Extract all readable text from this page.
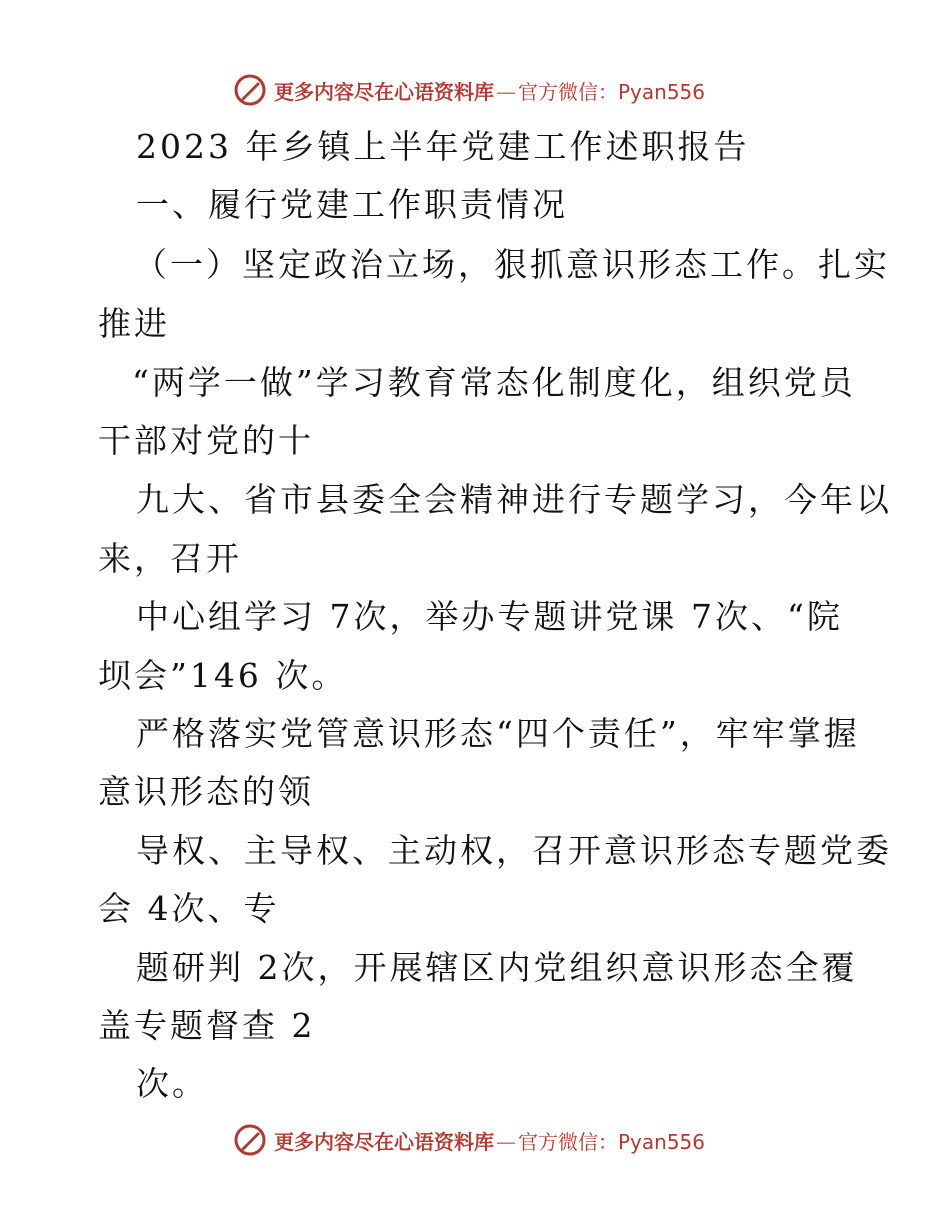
更多内容尽在心语资料库 — 官方微信：Pyan556
2023 年乡镇上半年党建工作述职报告
一、履行党建工作职责情况
（一）坚定政治立场，狠抓意识形态工作。扎实
推进
“两学一做”学习教育常态化制度化，组织党员
干部对党的十
九大、省市县委全会精神进行专题学习，今年以
来，召开
中心组学习 7次，举办专题讲党课 7次、“院
坝会”146 次。
严格落实党管意识形态“四个责任”，牢牢掌握
意识形态的领
导权、主导权、主动权，召开意识形态专题党委
会 4次、专
题研判 2次，开展辖区内党组织意识形态全覆
盖专题督查 2
次。
更多内容尽在心语资料库 — 官方微信：Pyan556
